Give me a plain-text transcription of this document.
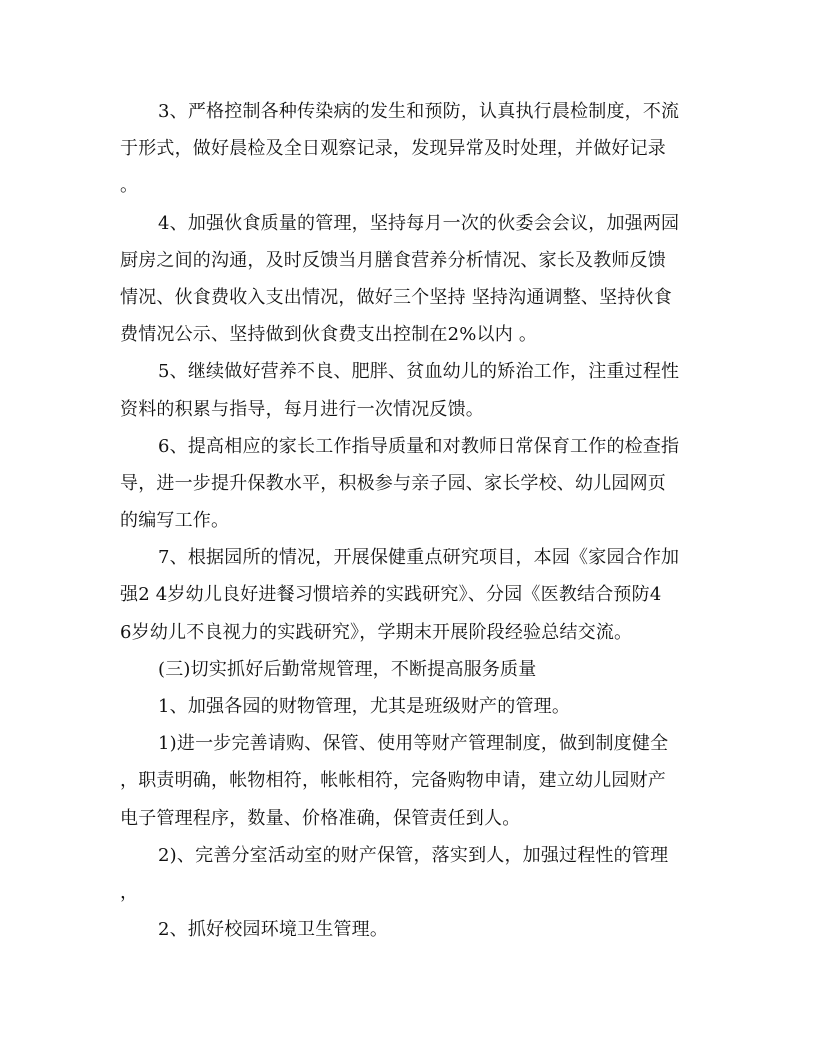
3、严格控制各种传染病的发生和预防，认真执行晨检制度，不流
于形式，做好晨检及全日观察记录，发现异常及时处理，并做好记录
。
4、加强伙食质量的管理，坚持每月一次的伙委会会议，加强两园
厨房之间的沟通，及时反馈当月膳食营养分析情况、家长及教师反馈
情况、伙食费收入支出情况，做好三个坚持 坚持沟通调整、坚持伙食
费情况公示、坚持做到伙食费支出控制在2%以内 。
5、继续做好营养不良、肥胖、贫血幼儿的矫治工作，注重过程性
资料的积累与指导，每月进行一次情况反馈。
6、提高相应的家长工作指导质量和对教师日常保育工作的检查指
导，进一步提升保教水平，积极参与亲子园、家长学校、幼儿园网页
的编写工作。
7、根据园所的情况，开展保健重点研究项目，本园《家园合作加
强2 4岁幼儿良好进餐习惯培养的实践研究》、分园《医教结合预防4
6岁幼儿不良视力的实践研究》，学期末开展阶段经验总结交流。
(三)切实抓好后勤常规管理，不断提高服务质量
1、加强各园的财物管理，尤其是班级财产的管理。
1)进一步完善请购、保管、使用等财产管理制度，做到制度健全
，职责明确，帐物相符，帐帐相符，完备购物申请，建立幼儿园财产
电子管理程序，数量、价格准确，保管责任到人。
2)、完善分室活动室的财产保管，落实到人，加强过程性的管理
，
2、抓好校园环境卫生管理。
